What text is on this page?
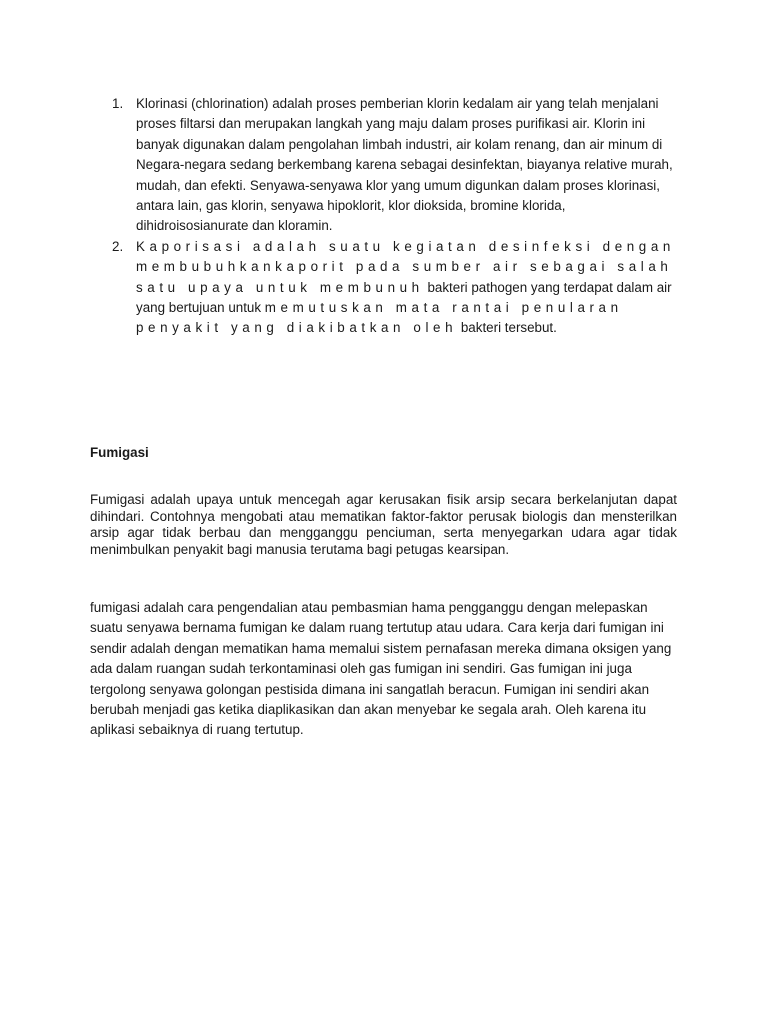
1. Klorinasi (chlorination) adalah proses pemberian klorin kedalam air yang telah menjalani proses filtarsi dan merupakan langkah yang maju dalam proses purifikasi air. Klorin ini banyak digunakan dalam pengolahan limbah industri, air kolam renang, dan air minum di Negara-negara sedang berkembang karena sebagai desinfektan, biayanya relative murah, mudah, dan efekti. Senyawa-senyawa klor yang umum digunkan dalam proses klorinasi, antara lain, gas klorin, senyawa hipoklorit, klor dioksida, bromine klorida, dihidroisosianurate dan kloramin.
2. Kaporisasi adalah suatu kegiatan desinfeksi dengan membubuhkankaporit pada sumber air sebagai salah satu upaya untuk membunuh bakteri pathogen yang terdapat dalam air yang bertujuan untuk memutuskan mata rantai penularan penyakit yang diakibatkan oleh bakteri tersebut.
Fumigasi
Fumigasi adalah upaya untuk mencegah agar kerusakan fisik arsip secara berkelanjutan dapat dihindari. Contohnya mengobati atau mematikan faktor-faktor perusak biologis dan mensterilkan arsip agar tidak berbau dan mengganggu penciuman, serta menyegarkan udara agar tidak menimbulkan penyakit bagi manusia terutama bagi petugas kearsipan.
fumigasi adalah cara pengendalian atau pembasmian hama pengganggu dengan melepaskan suatu senyawa bernama fumigan ke dalam ruang tertutup atau udara. Cara kerja dari fumigan ini sendir adalah dengan mematikan hama memalui sistem pernafasan mereka dimana oksigen yang ada dalam ruangan sudah terkontaminasi oleh gas fumigan ini sendiri. Gas fumigan ini juga tergolong senyawa golongan pestisida dimana ini sangatlah beracun. Fumigan ini sendiri akan berubah menjadi gas ketika diaplikasikan dan akan menyebar ke segala arah. Oleh karena itu aplikasi sebaiknya di ruang tertutup.
